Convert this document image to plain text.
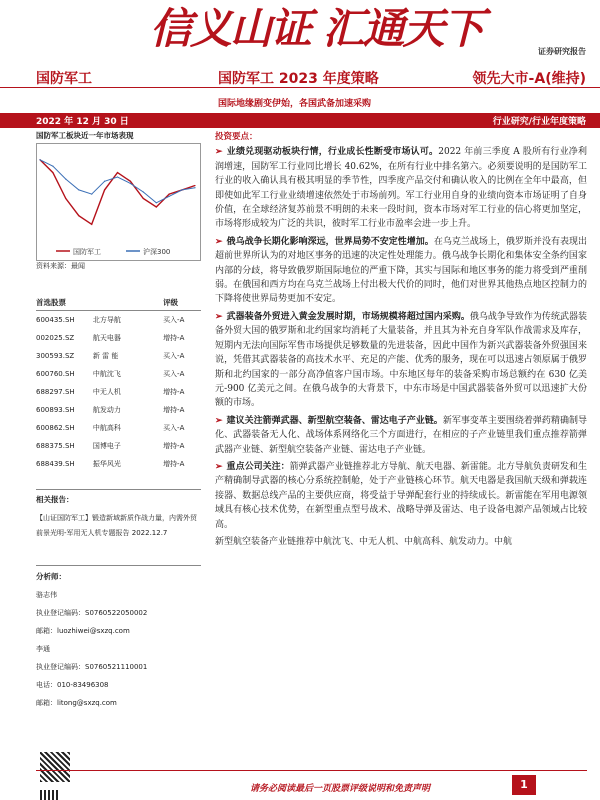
信义山证 汇通天下	证券研究报告
国防军工	国防军工 2023 年度策略	领先大市-A(维持)
国际地缘剧变伊始，各国武备加速采购
2022 年 12 月 30 日	行业研究/行业年度策略
国防军工板块近一年市场表现
国防军工	沪深300
资料来源：最闻
首选股票	评级
600435.SH	北方导航	买入-A
002025.SZ	航天电器	增持-A
300593.SZ	新 雷 能	买入-A
600760.SH	中航沈飞	买入-A
688297.SH	中无人机	增持-A
600893.SH	航发动力	增持-A
600862.SH	中航高科	买入-A
688375.SH	国博电子	增持-A
688439.SH	振华风光	增持-A
相关报告：
【山证国防军工】锻造新域新质作战力量，内需外贸前景光明-军用无人机专题报告 2022.12.7
分析师：
骆志伟
执业登记编码：S0760522050002
邮箱：luozhiwei@sxzq.com
李通
执业登记编码：S0760521110001
电话：010-83496308
邮箱：litong@sxzq.com
投资要点：
➢ 业绩兑现驱动板块行情，行业成长性断受市场认可。2022 年前三季度 A 股所有行业净利润增速，国防军工行业同比增长 40.62%，在所有行业中排名第六。必须要说明的是国防军工行业的收入确认具有极其明显的季节性，四季度产品交付和确认收入的比例在全年中最高，但即使如此军工行业业绩增速依然处于市场前列。军工行业用自身的业绩向资本市场证明了自身价值，在全球经济复苏前景不明朗的未来一段时间，资本市场对军工行业的信心将更加坚定，市场将形成较为广泛的共识，彼时军工行业市盈率会进一步上升。
➢ 俄乌战争长期化影响深远，世界局势不安定性增加。在乌克兰战场上，俄罗斯并没有表现出超前世界所认为的对地区事务的迅速的决定性处理能力。俄乌战争长期化和集体安全条约国家内部的分歧，将导致俄罗斯国际地位的严重下降，其实与国际和地区事务的能力将受到严重削弱。在俄国和西方均在乌克兰战场上付出极大代价的同时，他们对世界其他热点地区控制力的下降将使世界局势更加不安定。
➢ 武器装备外贸进入黄金发展时期，市场规模将超过国内采购。俄乌战争导致作为传统武器装备外贸大国的俄罗斯和北约国家均消耗了大量装备，并且其为补充自身军队作战需求及库存，短期内无法向国际军售市场提供足够数量的先进装备，因此中国作为新兴武器装备外贸强国来说，凭借其武器装备的高技术水平、充足的产能、优秀的服务，现在可以迅速占领原属于俄罗斯和北约国家的一部分高净值客户国市场。中东地区每年的装备采购市场总额约在 630 亿美元-900 亿美元之间。在俄乌战争的大背景下，中东市场是中国武器装备外贸可以迅速扩大份额的市场。
➢ 建议关注箭弹武器、新型航空装备、雷达电子产业链。新军事变革主要围绕着弹药精确制导化、武器装备无人化、战场体系网络化三个方面进行，在相应的子产业链里我们重点推荐箭弹武器产业链、新型航空装备产业链、雷达电子产业链。
➢ 重点公司关注：箭弹武器产业链推荐北方导航、航天电器、新雷能。北方导航负责研发和生产精确制导武器的核心分系统控制舱，处于产业链核心环节。航天电器是我国航天级和弹载连接器、数据总线产品的主要供应商，将受益于导弹配套行业的持续成长。新雷能在军用电源领域具有核心技术优势，在新型重点型号战术、战略导弹及雷达、电子设备电源产品领域占比较高。
新型航空装备产业链推荐中航沈飞、中无人机、中航高科、航发动力。中航
请务必阅读最后一页股票评级说明和免责声明	1
